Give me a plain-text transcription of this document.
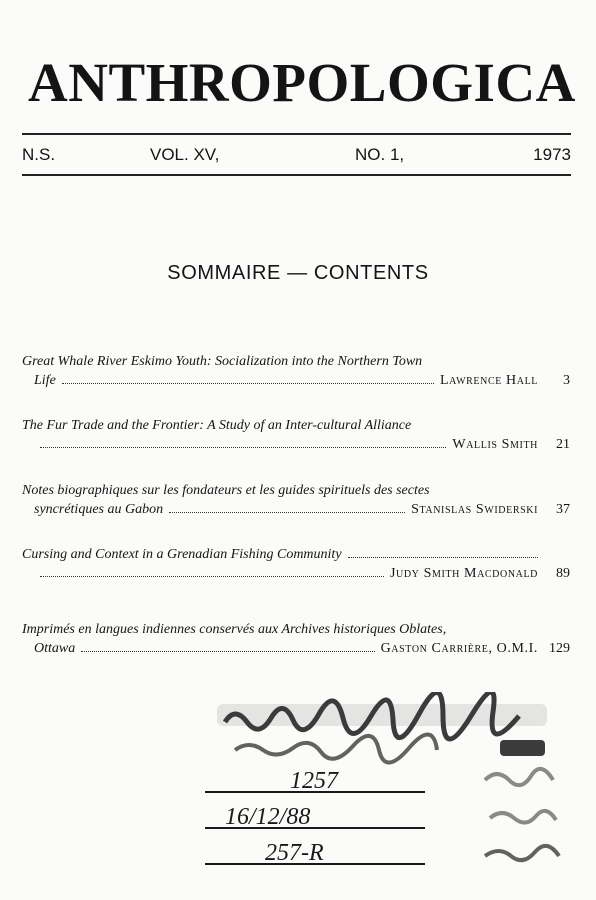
ANTHROPOLOGICA
N.S.	VOL. XV,	NO. 1,	1973
SOMMAIRE — CONTENTS
Great Whale River Eskimo Youth: Socialization into the Northern Town
Life	Lawrence Hall	3
The Fur Trade and the Frontier: A Study of an Inter-cultural Alliance
Wallis Smith	21
Notes biographiques sur les fondateurs et les guides spirituels des sectes
syncrétiques au Gabon	Stanislas Swiderski	37
Cursing and Context in a Grenadian Fishing Community
Judy Smith Macdonald	89
Imprimés en langues indiennes conservés aux Archives historiques Oblates,
Ottawa	Gaston Carrière, O.M.I. 129
1257
16/12/88
257-R
